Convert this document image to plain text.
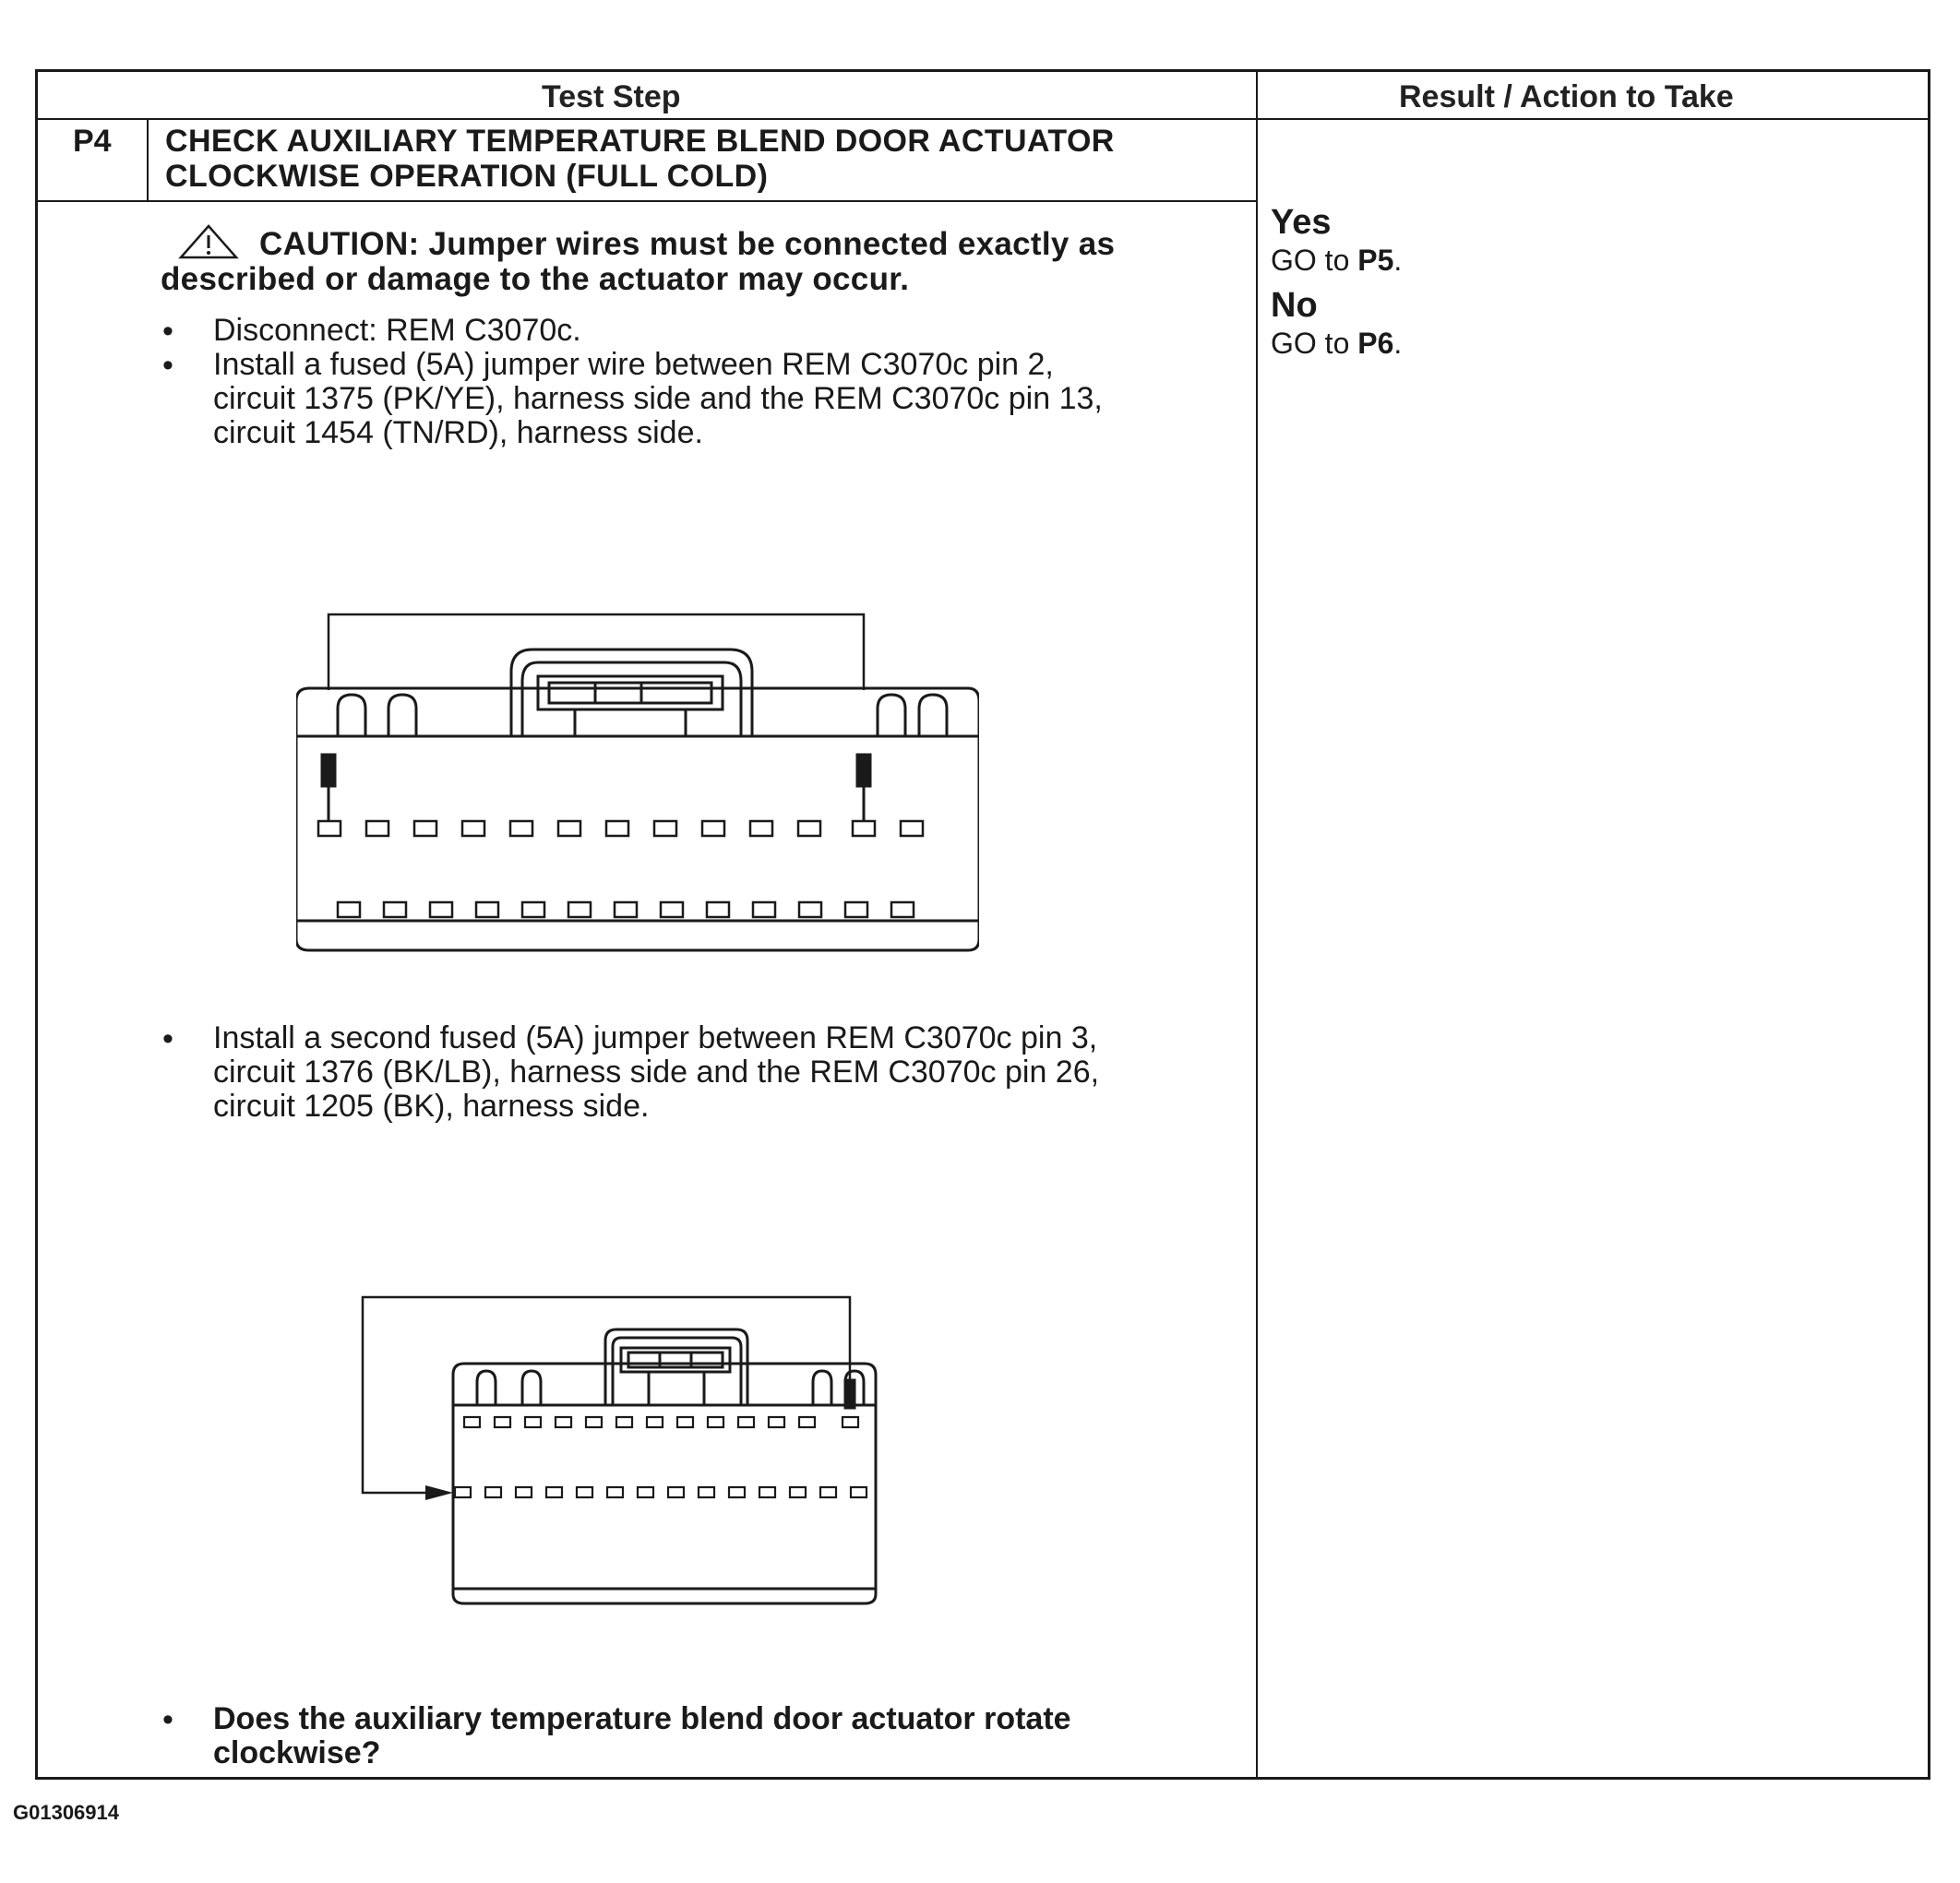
Test Step	Result / Action to Take
P4 CHECK AUXILIARY TEMPERATURE BLEND DOOR ACTUATOR
CLOCKWISE OPERATION (FULL COLD)
CAUTION: Jumper wires must be connected exactly as
described or damage to the actuator may occur.
• Disconnect: REM C3070c.
• Install a fused (5A) jumper wire between REM C3070c pin 2,
circuit 1375 (PK/YE), harness side and the REM C3070c pin 13,
circuit 1454 (TN/RD), harness side.
• Install a second fused (5A) jumper between REM C3070c pin 3,
circuit 1376 (BK/LB), harness side and the REM C3070c pin 26,
circuit 1205 (BK), harness side.
• Does the auxiliary temperature blend door actuator rotate
clockwise?
Yes
GO to P5.
No
GO to P6.
G01306914
